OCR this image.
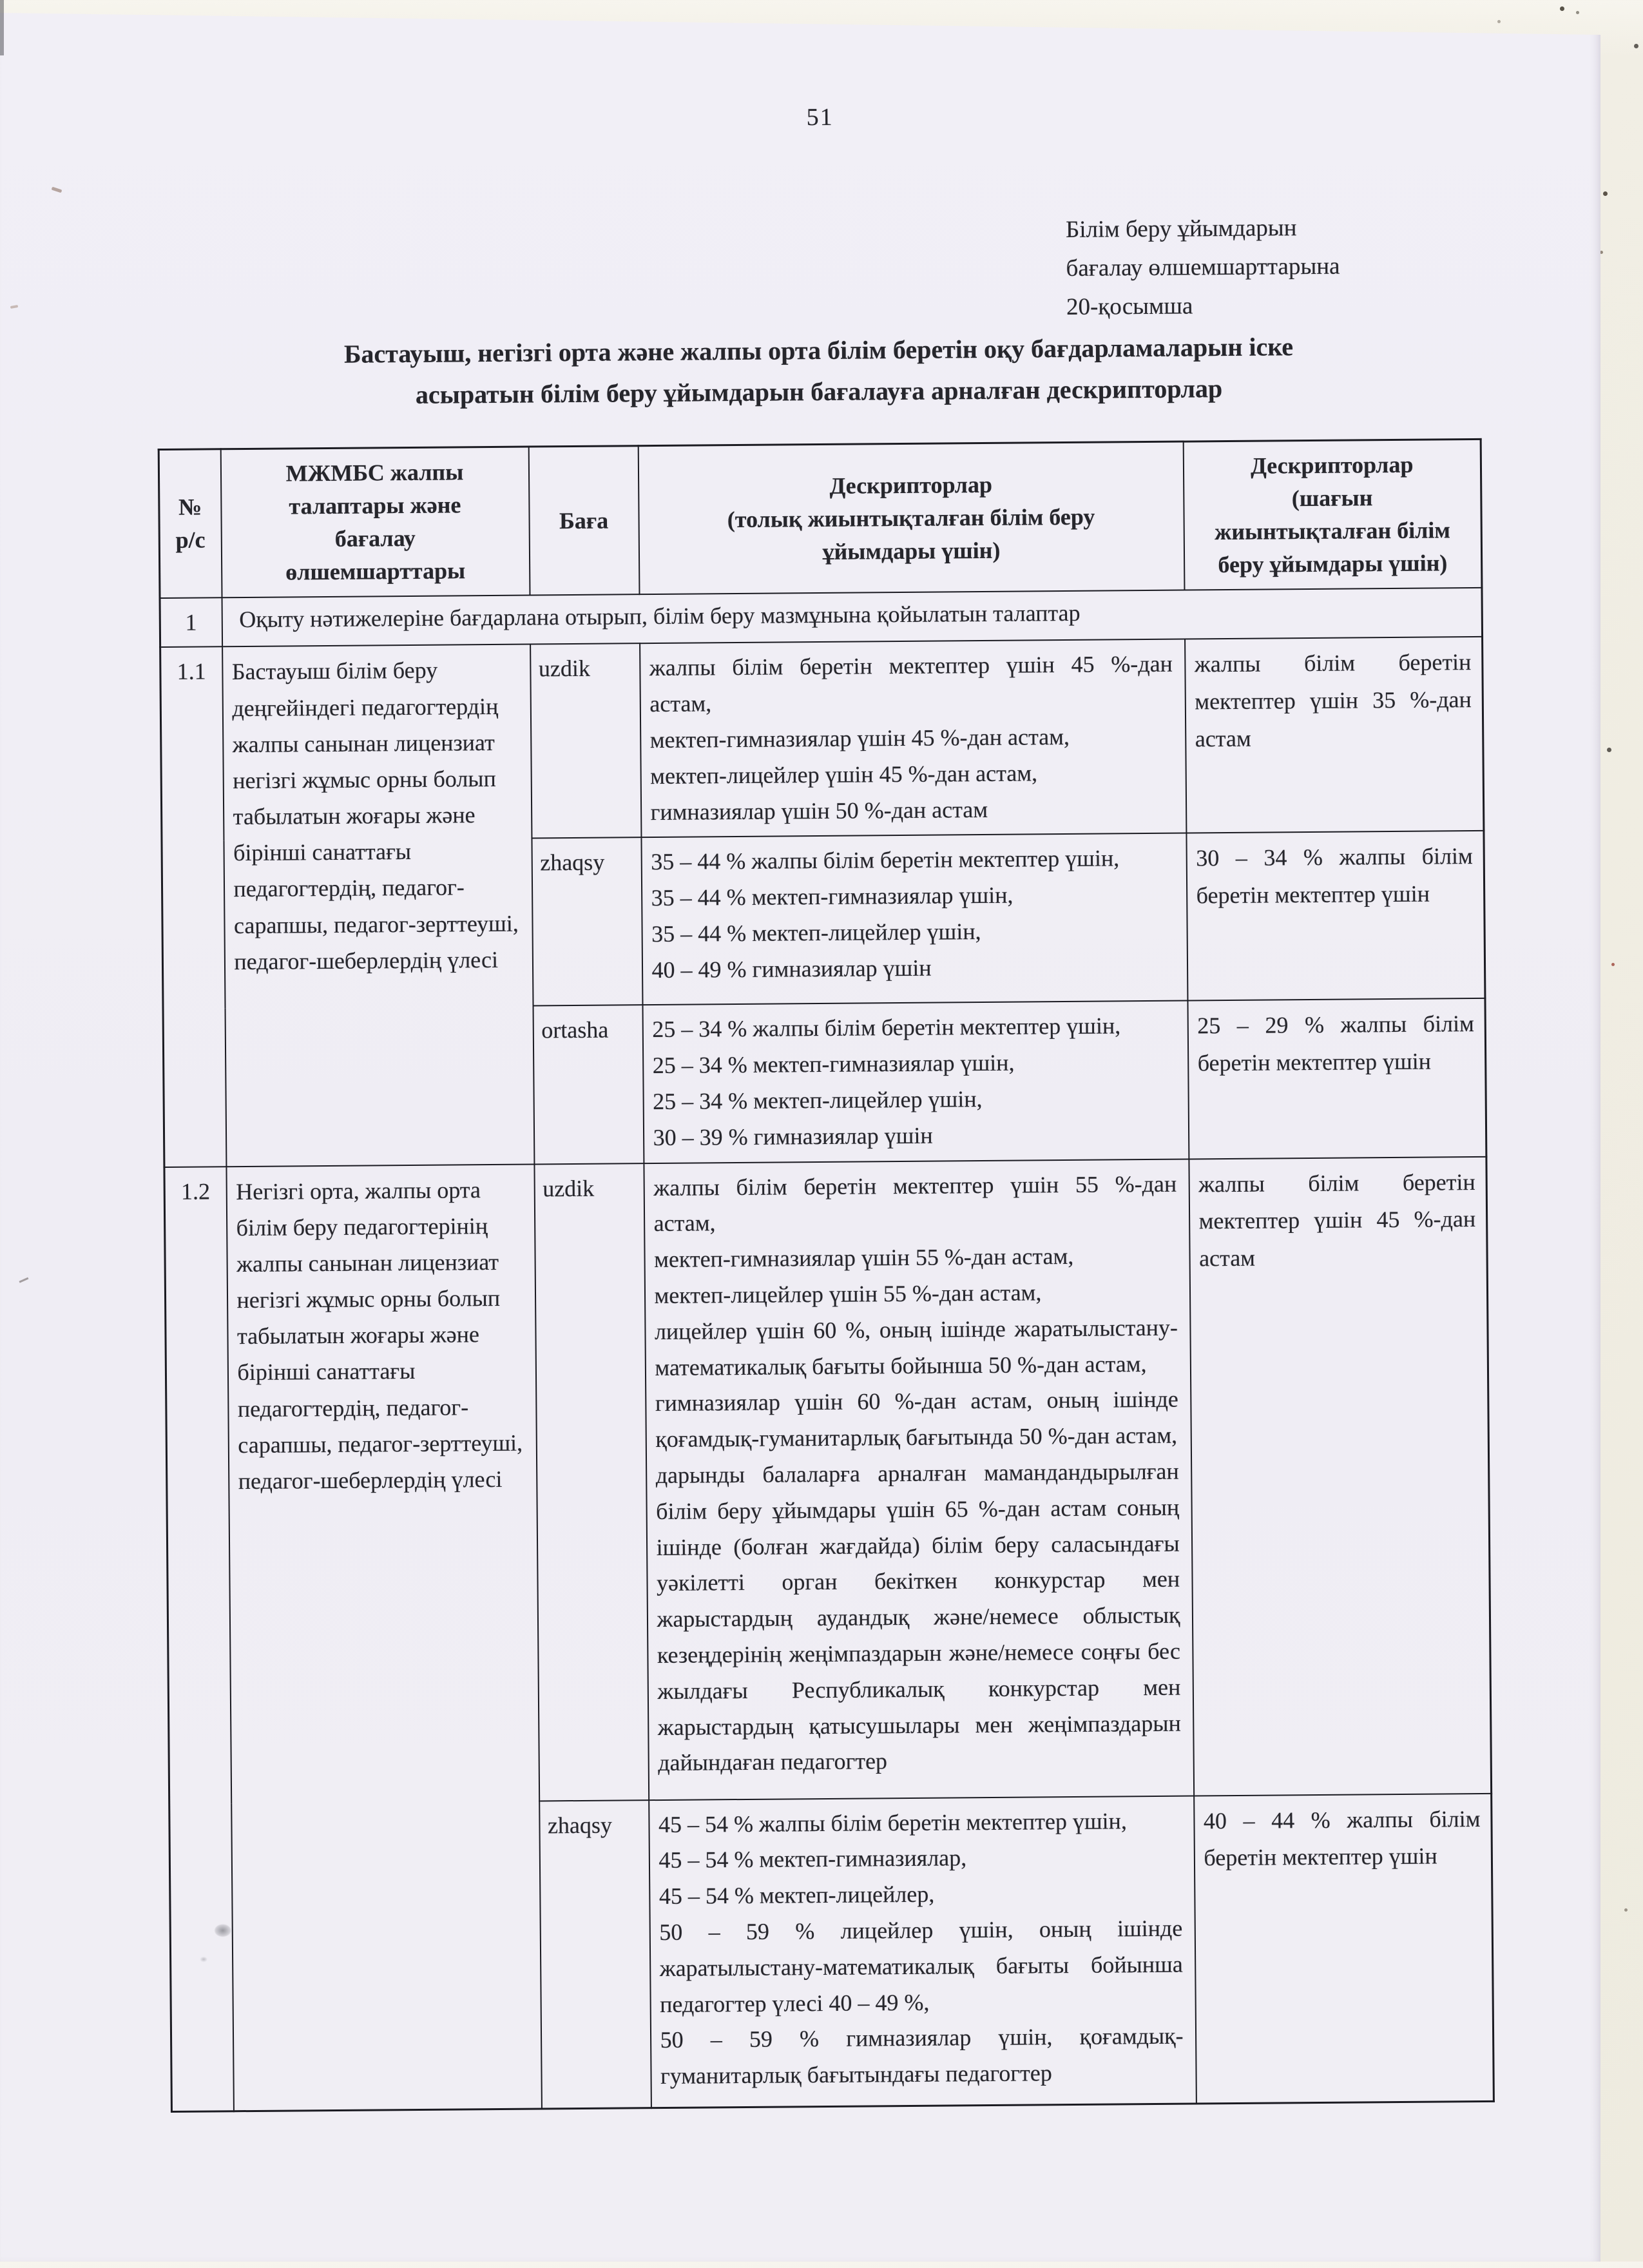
51
Білім беру ұйымдарын
бағалау өлшемшарттарына
20-қосымша
Бастауыш, негізгі орта және жалпы орта білім беретін оқу бағдарламаларын іске
асыратын білім беру ұйымдарын бағалауға арналған дескрипторлар
№
р/с	МЖМБС жалпы
талаптары және
бағалау
өлшемшарттары	Баға	Дескрипторлар
(толық жиынтықталған білім беру
ұйымдары үшін)	Дескрипторлар
(шағын
жиынтықталған білім
беру ұйымдары үшін)
1	Оқыту нәтижелеріне бағдарлана отырып, білім беру мазмұнына қойылатын талаптар			
1.1	Бастауыш білім беру деңгейіндегі педагогтердің жалпы санынан лицензиат негізгі жұмыс орны болып табылатын жоғары және бірінші санаттағы педагогтердің, педагог-сарапшы, педагог-зерттеуші, педагог-шеберлердің үлесі	uzdik	жалпы білім беретін мектептер үшін 45 %-дан астам,
мектеп-гимназиялар үшін 45 %-дан астам,
мектеп-лицейлер үшін 45 %-дан астам,
гимназиялар үшін 50 %-дан астам	жалпы білім беретін мектептер үшін 35 %-дан астам
		zhaqsy	35 – 44 % жалпы білім беретін мектептер үшін,
35 – 44 % мектеп-гимназиялар үшін,
35 – 44 % мектеп-лицейлер үшін,
40 – 49 % гимназиялар үшін	30 – 34 % жалпы білім беретін мектептер үшін
		ortasha	25 – 34 % жалпы білім беретін мектептер үшін,
25 – 34 % мектеп-гимназиялар үшін,
25 – 34 % мектеп-лицейлер үшін,
30 – 39 % гимназиялар үшін	25 – 29 % жалпы білім беретін мектептер үшін
1.2	Негізгі орта, жалпы орта білім беру педагогтерінің жалпы санынан лицензиат негізгі жұмыс орны болып табылатын жоғары және бірінші санаттағы педагогтердің, педагог-сарапшы, педагог-зерттеуші, педагог-шеберлердің үлесі	uzdik	жалпы білім беретін мектептер үшін 55 %-дан астам,
мектеп-гимназиялар үшін 55 %-дан астам,
мектеп-лицейлер үшін 55 %-дан астам,
лицейлер үшін 60 %, оның ішінде жаратылыстану-математикалық бағыты бойынша 50 %-дан астам,
гимназиялар үшін 60 %-дан астам, оның ішінде қоғамдық-гуманитарлық бағытында 50 %-дан астам,
дарынды балаларға арналған мамандандырылған білім беру ұйымдары үшін 65 %-дан астам соның ішінде (болған жағдайда) білім беру саласындағы уәкілетті орган бекіткен конкурстар мен жарыстардың аудандық және/немесе облыстық кезеңдерінің жеңімпаздарын және/немесе соңғы бес жылдағы Республикалық конкурстар мен жарыстардың қатысушылары мен жеңімпаздарын дайындаған педагогтер	жалпы білім беретін мектептер үшін 45 %-дан астам
		zhaqsy	45 – 54 % жалпы білім беретін мектептер үшін,
45 – 54 % мектеп-гимназиялар,
45 – 54 % мектеп-лицейлер,
50 – 59 % лицейлер үшін, оның ішінде жаратылыстану-математикалық бағыты бойынша педагогтер үлесі 40 – 49 %,
50 – 59 % гимназиялар үшін, қоғамдық-гуманитарлық бағытындағы педагогтер	40 – 44 % жалпы білім беретін мектептер үшін
